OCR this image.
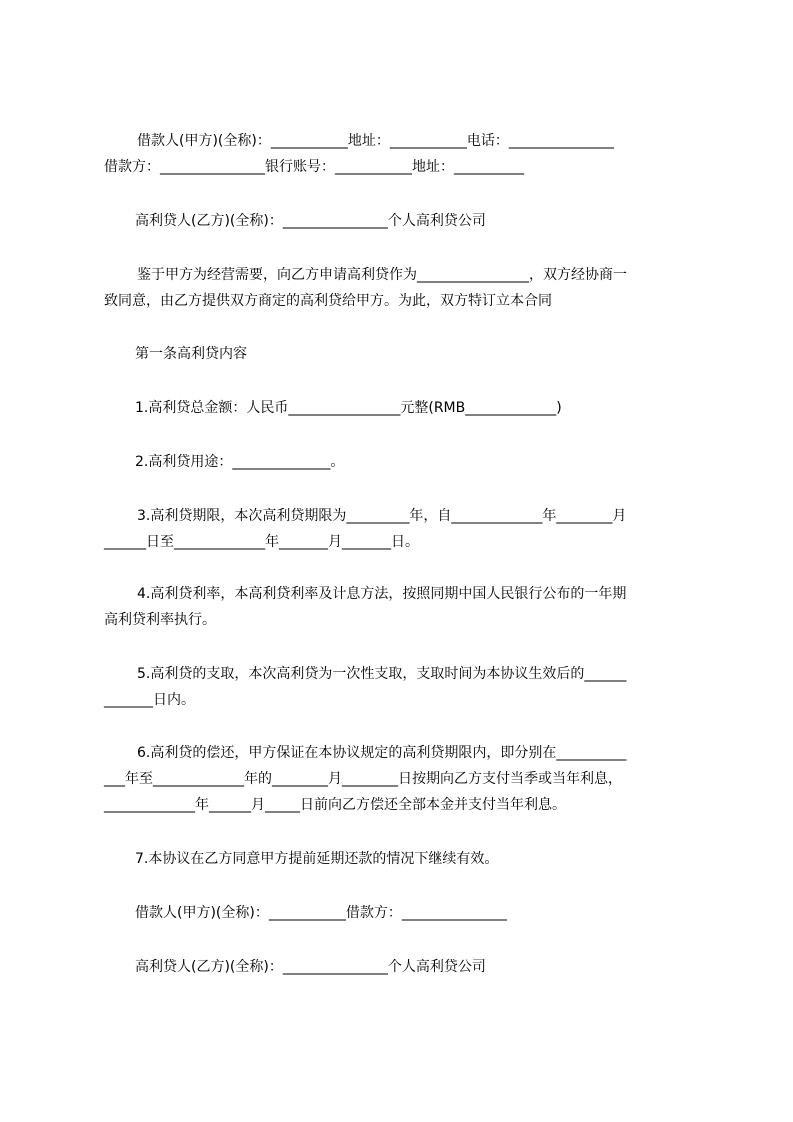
借款人(甲方)(全称)：___________地址：___________电话：_______________
借款方：_______________银行账号：___________地址：__________
高利贷人(乙方)(全称)：_______________个人高利贷公司
鉴于甲方为经营需要，向乙方申请高利贷作为________________，双方经协商一
致同意，由乙方提供双方商定的高利贷给甲方。为此，双方特订立本合同
第一条高利贷内容
1.高利贷总金额：人民币________________元整(RMB_____________)
2.高利贷用途：______________。
3.高利贷期限，本次高利贷期限为_________年，自_____________年________月
______日至_____________年_______月_______日。
4.高利贷利率，本高利贷利率及计息方法，按照同期中国人民银行公布的一年期
高利贷利率执行。
5.高利贷的支取，本次高利贷为一次性支取，支取时间为本协议生效后的______
_______日内。
6.高利贷的偿还，甲方保证在本协议规定的高利贷期限内，即分别在__________
___年至_____________年的________月________日按期向乙方支付当季或当年利息，
_____________年______月_____日前向乙方偿还全部本金并支付当年利息。
7.本协议在乙方同意甲方提前延期还款的情况下继续有效。
借款人(甲方)(全称)：___________借款方：_______________
高利贷人(乙方)(全称)：_______________个人高利贷公司
